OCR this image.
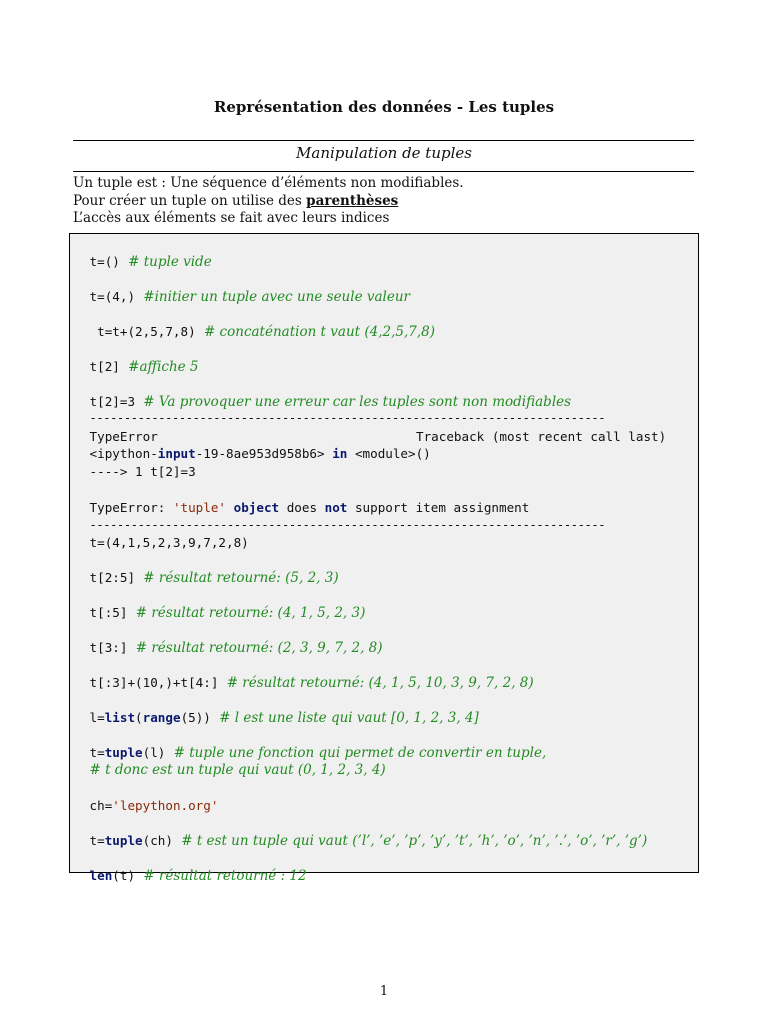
Représentation des données - Les tuples
Manipulation de tuples
Un tuple est : Une séquence d’éléments non modifiables.
Pour créer un tuple on utilise des parenthèses
L’accès aux éléments se fait avec leurs indices

t=() # tuple vide

t=(4,) #initier un tuple avec une seule valeur

t=t+(2,5,7,8) # concaténation t vaut (4,2,5,7,8)

t[2] #affiche 5

t[2]=3 # Va provoquer une erreur car les tuples sont non modifiables

---------------------------------------------------------------------------

TypeError	Traceback (most recent call last)

<ipython-input-19-8ae953d958b6> in <module>()

----> 1 t[2]=3

TypeError: 'tuple' object does not support item assignment

---------------------------------------------------------------------------

t=(4,1,5,2,3,9,7,2,8)

t[2:5] # résultat retourné: (5, 2, 3)

t[:5] # résultat retourné: (4, 1, 5, 2, 3)

t[3:] # résultat retourné: (2, 3, 9, 7, 2, 8)

t[:3]+(10,)+t[4:] # résultat retourné: (4, 1, 5, 10, 3, 9, 7, 2, 8)

l=list(range(5)) # l est une liste qui vaut [0, 1, 2, 3, 4]

t=tuple(l) # tuple une fonction qui permet de convertir en tuple,

# t donc est un tuple qui vaut (0, 1, 2, 3, 4)

ch='lepython.org'

t=tuple(ch) # t est un tuple qui vaut (’l’, ’e’, ’p’, ’y’, ’t’, ’h’, ’o’, ’n’, ’.’, ’o’, ’r’, ’g’)

len(t) # résultat retourné : 12

1
